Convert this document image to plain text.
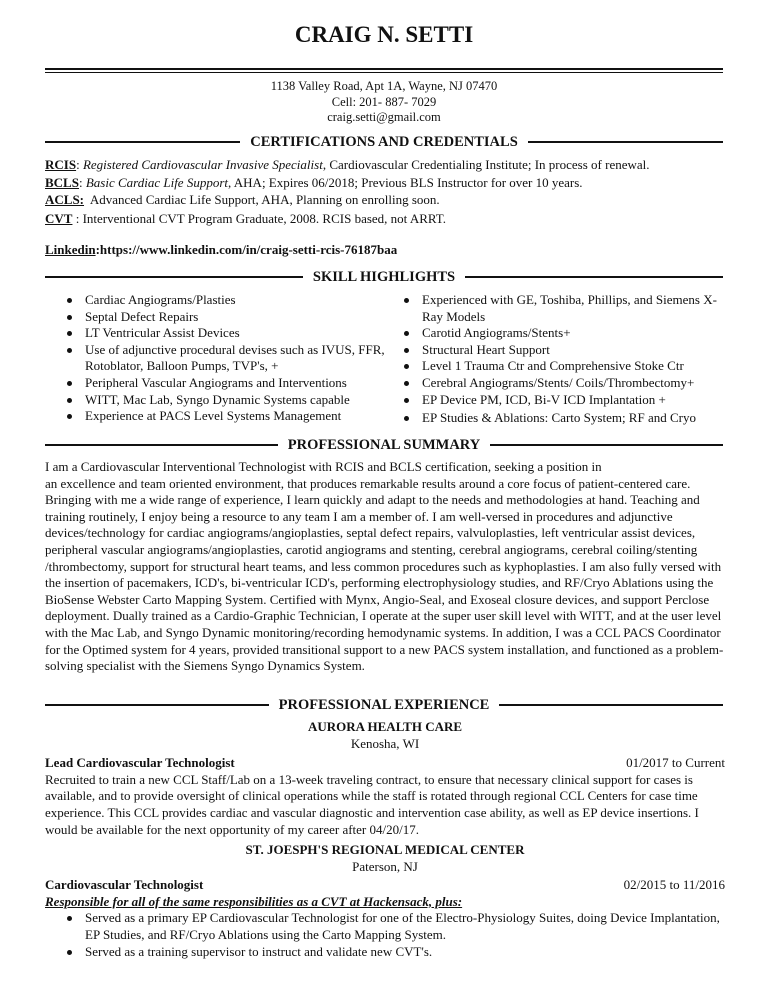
CRAIG N. SETTI
1138 Valley Road, Apt 1A, Wayne, NJ 07470
Cell: 201- 887- 7029
craig.setti@gmail.com
CERTIFICATIONS AND CREDENTIALS
RCIS: Registered Cardiovascular Invasive Specialist, Cardiovascular Credentialing Institute; In process of renewal.
BCLS: Basic Cardiac Life Support, AHA; Expires 06/2018; Previous BLS Instructor for over 10 years.
ACLS: Advanced Cardiac Life Support, AHA, Planning on enrolling soon.
CVT : Interventional CVT Program Graduate, 2008. RCIS based, not ARRT.
Linkedin:https://www.linkedin.com/in/craig-setti-rcis-76187baa
SKILL HIGHLIGHTS
Cardiac Angiograms/Plasties
Septal Defect Repairs
LT Ventricular Assist Devices
Use of adjunctive procedural devises such as IVUS, FFR, Rotoblator, Balloon Pumps, TVP's, +
Peripheral Vascular Angiograms and Interventions
WITT, Mac Lab, Syngo Dynamic Systems capable
Experience at PACS Level Systems Management
Experienced with GE, Toshiba, Phillips, and Siemens X-Ray Models
Carotid Angiograms/Stents+
Structural Heart Support
Level 1 Trauma Ctr and Comprehensive Stoke Ctr
Cerebral Angiograms/Stents/ Coils/Thrombectomy+
EP Device PM, ICD, Bi-V ICD Implantation +
EP Studies & Ablations: Carto System; RF and Cryo
PROFESSIONAL SUMMARY
I am a Cardiovascular Interventional Technologist with RCIS and BCLS certification, seeking a position in
an excellence and team oriented environment, that produces remarkable results around a core focus of patient-centered care. Bringing with me a wide range of experience, I learn quickly and adapt to the needs and methodologies at hand. Teaching and training routinely, I enjoy being a resource to any team I am a member of. I am well-versed in procedures and adjunctive devices/technology for cardiac angiograms/angioplasties, septal defect repairs, valvuloplasties, left ventricular assist devices, peripheral vascular angiograms/angioplasties, carotid angiograms and stenting, cerebral angiograms, cerebral coiling/stenting /thrombectomy, support for structural heart teams, and less common procedures such as kyphoplasties. I am also fully versed with the insertion of pacemakers, ICD's, bi-ventricular ICD's, performing electrophysiology studies, and RF/Cryo Ablations using the BioSense Webster Carto Mapping System. Certified with Mynx, Angio-Seal, and Exoseal closure devices, and support Perclose deployment. Dually trained as a Cardio-Graphic Technician, I operate at the super user skill level with WITT, and at the user level with the Mac Lab, and Syngo Dynamic monitoring/recording hemodynamic systems. In addition, I was a CCL PACS Coordinator for the Optimed system for 4 years, provided transitional support to a new PACS system installation, and functioned as a problem-solving specialist with the Siemens Syngo Dynamics System.
PROFESSIONAL EXPERIENCE
AURORA HEALTH CARE
Kenosha, WI
Lead Cardiovascular Technologist	01/2017 to Current
Recruited to train a new CCL Staff/Lab on a 13-week traveling contract, to ensure that necessary clinical support for cases is available, and to provide oversight of clinical operations while the staff is rotated through regional CCL Centers for case time experience. This CCL provides cardiac and vascular diagnostic and intervention case ability, as well as EP device insertions. I would be available for the next opportunity of my career after 04/20/17.
ST. JOESPH'S REGIONAL MEDICAL CENTER
Paterson, NJ
Cardiovascular Technologist	02/2015 to 11/2016
Responsible for all of the same responsibilities as a CVT at Hackensack, plus:
Served as a primary EP Cardiovascular Technologist for one of the Electro-Physiology Suites, doing Device Implantation, EP Studies, and RF/Cryo Ablations using the Carto Mapping System.
Served as a training supervisor to instruct and validate new CVT's.
